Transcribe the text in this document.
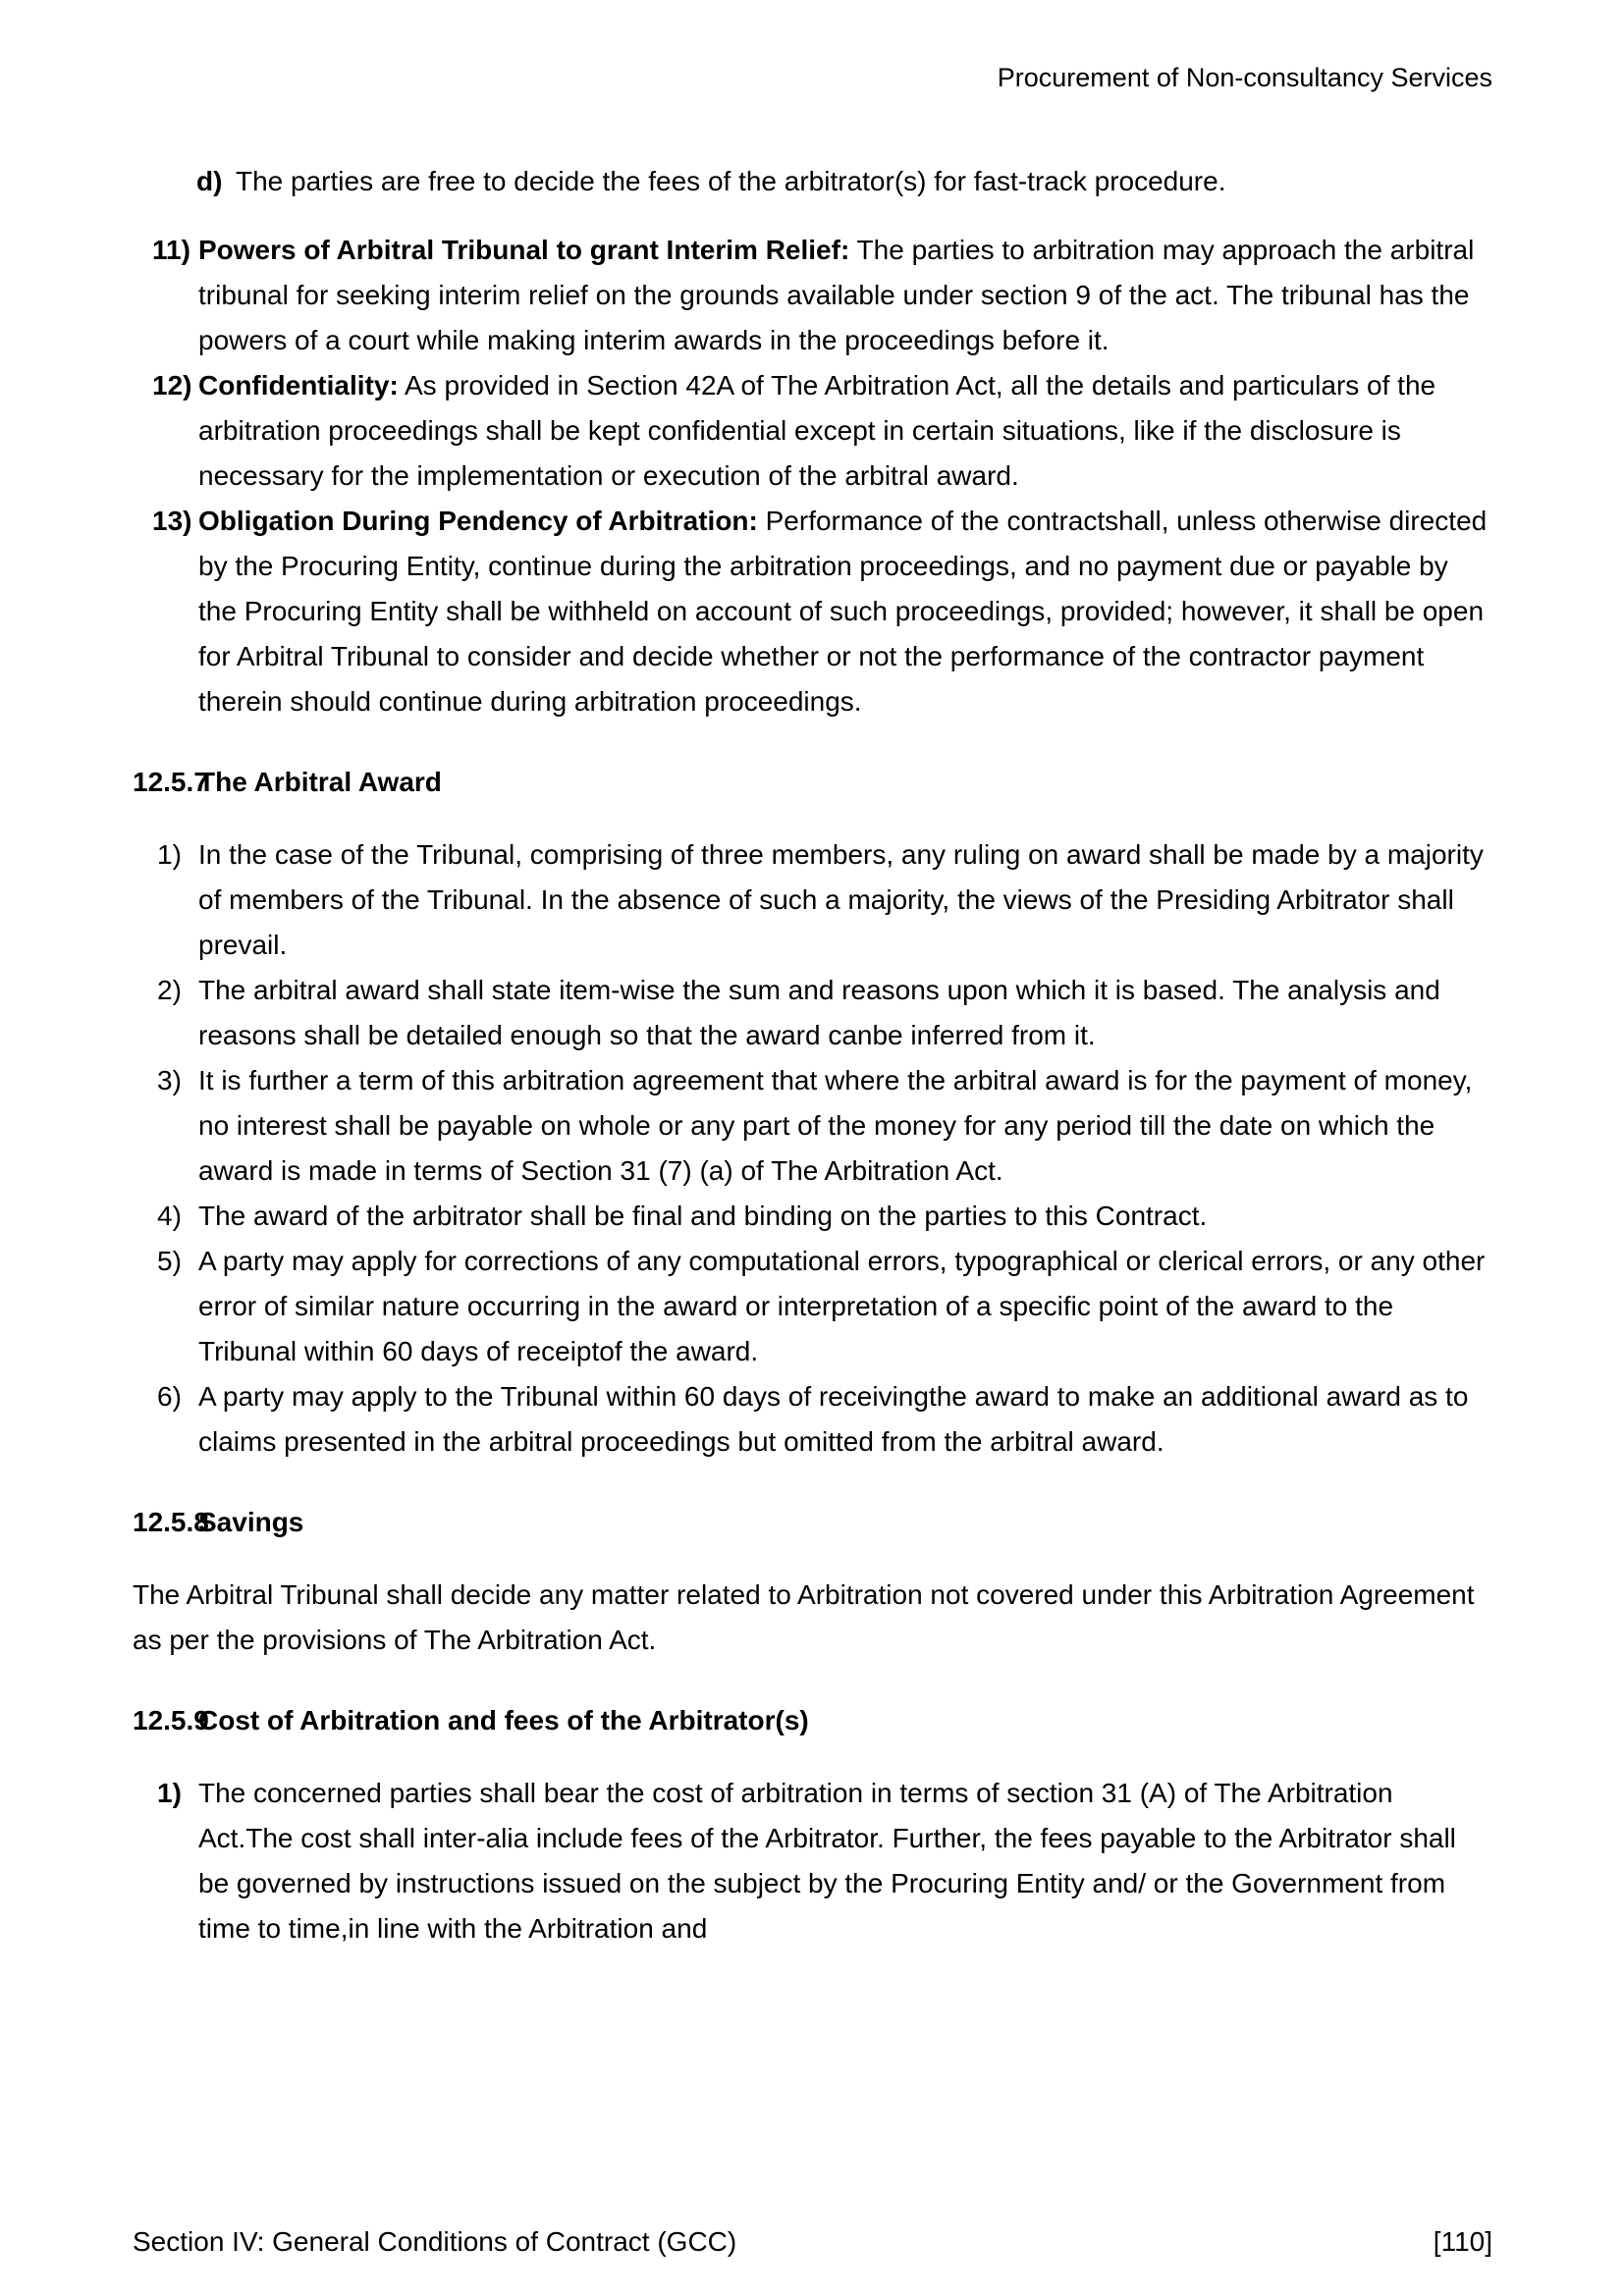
Procurement of Non-consultancy Services
d) The parties are free to decide the fees of the arbitrator(s) for fast-track procedure.
11) Powers of Arbitral Tribunal to grant Interim Relief: The parties to arbitration may approach the arbitral tribunal for seeking interim relief on the grounds available under section 9 of the act. The tribunal has the powers of a court while making interim awards in the proceedings before it.
12) Confidentiality: As provided in Section 42A of The Arbitration Act, all the details and particulars of the arbitration proceedings shall be kept confidential except in certain situations, like if the disclosure is necessary for the implementation or execution of the arbitral award.
13) Obligation During Pendency of Arbitration: Performance of the contractshall, unless otherwise directed by the Procuring Entity, continue during the arbitration proceedings, and no payment due or payable by the Procuring Entity shall be withheld on account of such proceedings, provided; however, it shall be open for Arbitral Tribunal to consider and decide whether or not the performance of the contractor payment therein should continue during arbitration proceedings.
12.5.7
The Arbitral Award
1) In the case of the Tribunal, comprising of three members, any ruling on award shall be made by a majority of members of the Tribunal. In the absence of such a majority, the views of the Presiding Arbitrator shall prevail.
2) The arbitral award shall state item-wise the sum and reasons upon which it is based. The analysis and reasons shall be detailed enough so that the award canbe inferred from it.
3) It is further a term of this arbitration agreement that where the arbitral award is for the payment of money, no interest shall be payable on whole or any part of the money for any period till the date on which the award is made in terms of Section 31 (7) (a) of The Arbitration Act.
4) The award of the arbitrator shall be final and binding on the parties to this Contract.
5) A party may apply for corrections of any computational errors, typographical or clerical errors, or any other error of similar nature occurring in the award or interpretation of a specific point of the award to the Tribunal within 60 days of receiptof the award.
6) A party may apply to the Tribunal within 60 days of receivingthe award to make an additional award as to claims presented in the arbitral proceedings but omitted from the arbitral award.
12.5.8
Savings
The Arbitral Tribunal shall decide any matter related to Arbitration not covered under this Arbitration Agreement as per the provisions of The Arbitration Act.
12.5.9
Cost of Arbitration and fees of the Arbitrator(s)
1) The concerned parties shall bear the cost of arbitration in terms of section 31 (A) of The Arbitration Act.The cost shall inter-alia include fees of the Arbitrator. Further, the fees payable to the Arbitrator shall be governed by instructions issued on the subject by the Procuring Entity and/ or the Government from time to time,in line with the Arbitration and
Section IV: General Conditions of Contract (GCC)	[110]
